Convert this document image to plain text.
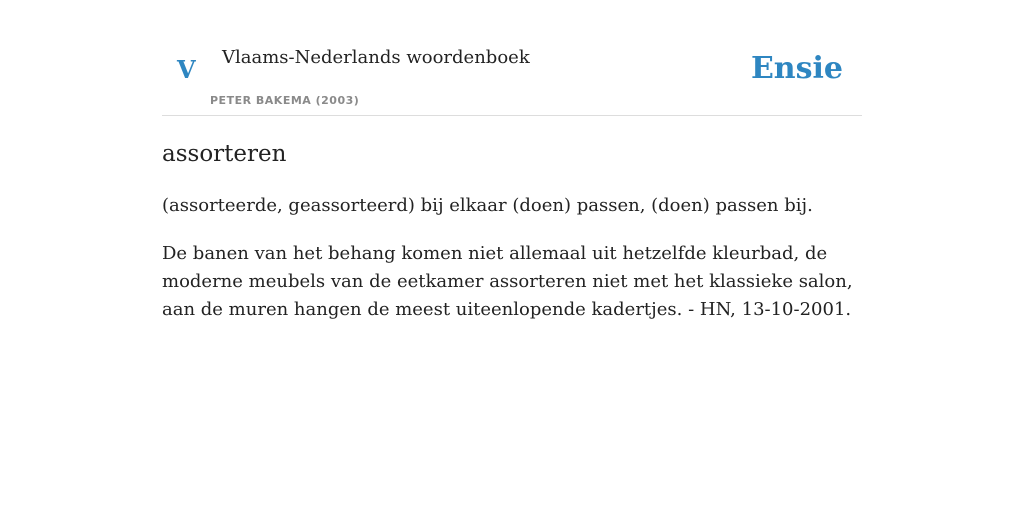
V Vlaams-Nederlands woordenboek
PETER BAKEMA (2003)
Ensie
assorteren
(assorteerde, geassorteerd) bij elkaar (doen) passen, (doen) passen bij.
De banen van het behang komen niet allemaal uit hetzelfde kleurbad, de moderne meubels van de eetkamer assorteren niet met het klassieke salon, aan de muren hangen de meest uiteenlopende kadertjes. - HN, 13-10-2001.
